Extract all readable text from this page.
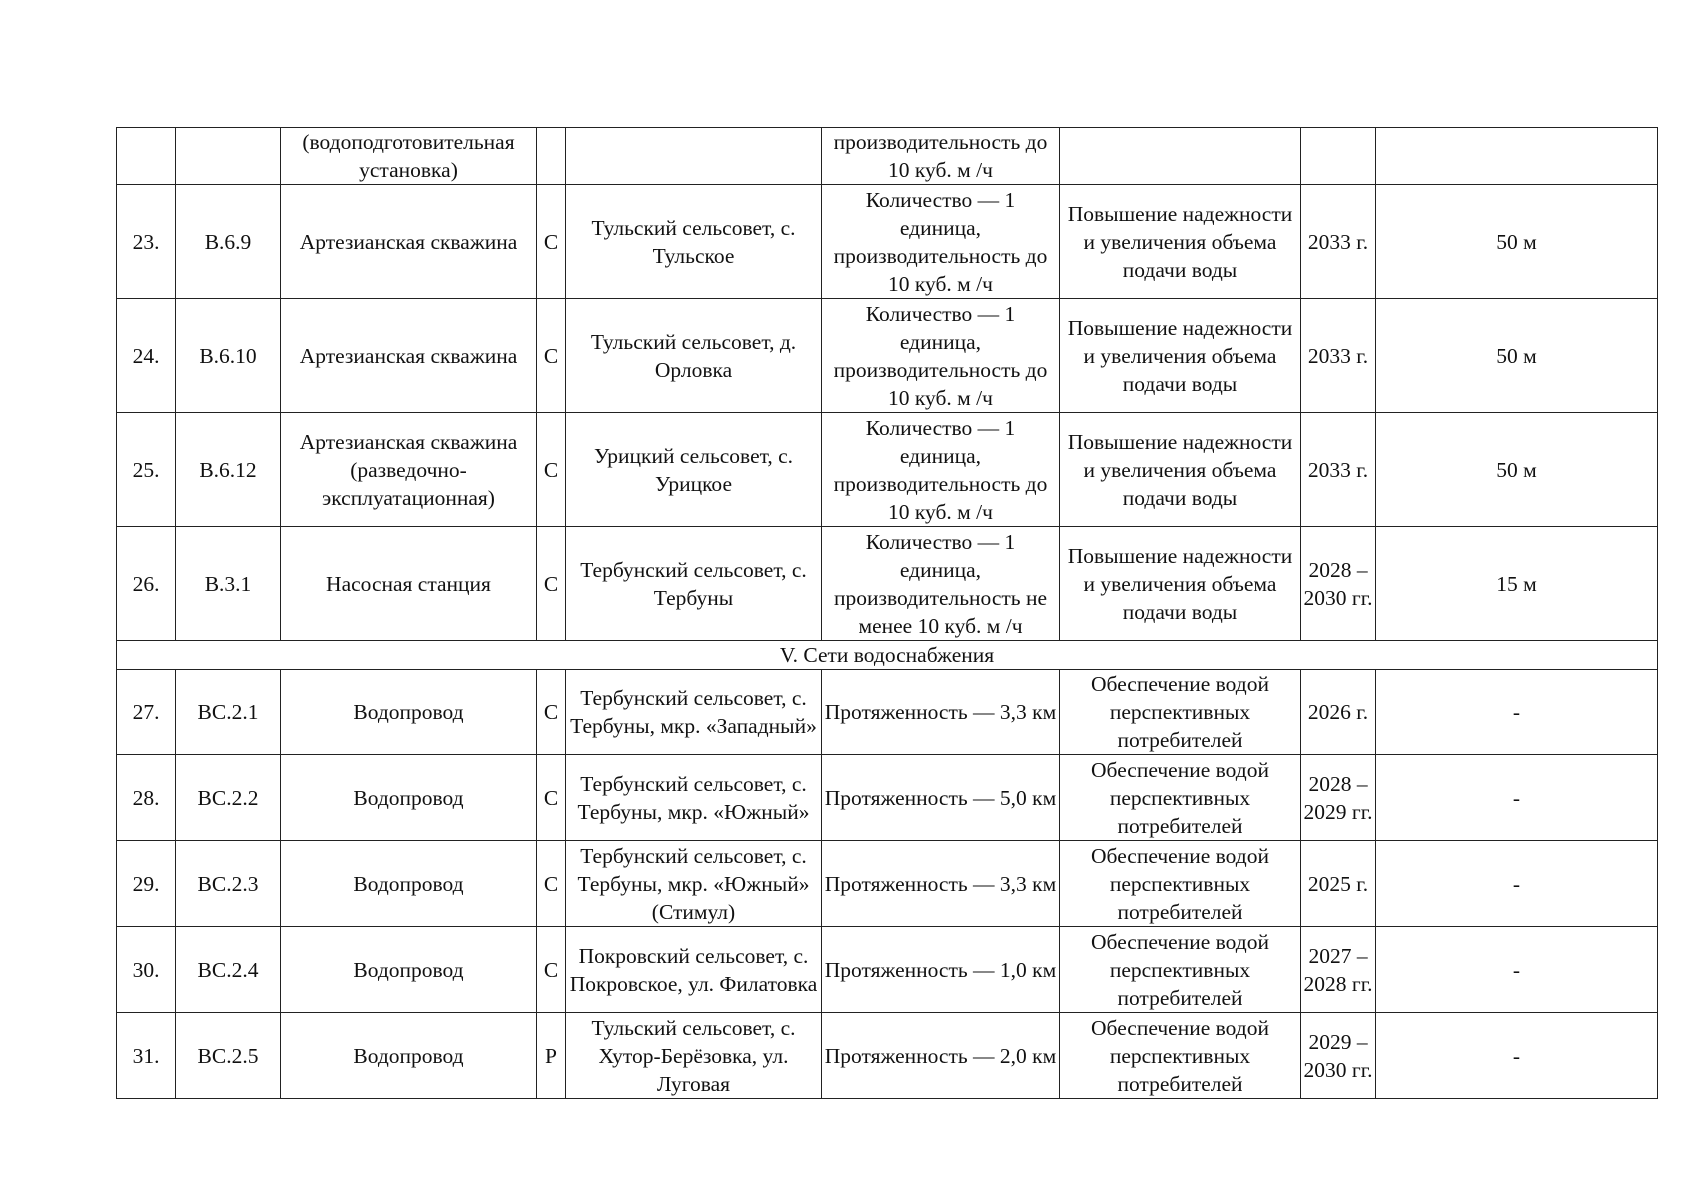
		(водоподготовительная установка)			производительность до 10 куб. м /ч			
23.	В.6.9	Артезианская скважина	С	Тульский сельсовет, с. Тульское	Количество — 1 единица, производительность до 10 куб. м /ч	Повышение надежности и увеличения объема подачи воды	2033 г.	50 м
24.	В.6.10	Артезианская скважина	С	Тульский сельсовет, д. Орловка	Количество — 1 единица, производительность до 10 куб. м /ч	Повышение надежности и увеличения объема подачи воды	2033 г.	50 м
25.	В.6.12	Артезианская скважина (разведочно-эксплуатационная)	С	Урицкий сельсовет, с. Урицкое	Количество — 1 единица, производительность до 10 куб. м /ч	Повышение надежности и увеличения объема подачи воды	2033 г.	50 м
26.	В.3.1	Насосная станция	С	Тербунский сельсовет, с. Тербуны	Количество — 1 единица, производительность не менее 10 куб. м /ч	Повышение надежности и увеличения объема подачи воды	2028 – 2030 гг.	15 м
V. Сети водоснабжения								
27.	ВС.2.1	Водопровод	С	Тербунский сельсовет, с. Тербуны, мкр. «Западный»	Протяженность — 3,3 км	Обеспечение водой перспективных потребителей	2026 г.	-
28.	ВС.2.2	Водопровод	С	Тербунский сельсовет, с. Тербуны, мкр. «Южный»	Протяженность — 5,0 км	Обеспечение водой перспективных потребителей	2028 – 2029 гг.	-
29.	ВС.2.3	Водопровод	С	Тербунский сельсовет, с. Тербуны, мкр. «Южный» (Стимул)	Протяженность — 3,3 км	Обеспечение водой перспективных потребителей	2025 г.	-
30.	ВС.2.4	Водопровод	С	Покровский сельсовет, с. Покровское, ул. Филатовка	Протяженность — 1,0 км	Обеспечение водой перспективных потребителей	2027 – 2028 гг.	-
31.	ВС.2.5	Водопровод	Р	Тульский сельсовет, с. Хутор-Берёзовка, ул. Луговая	Протяженность — 2,0 км	Обеспечение водой перспективных потребителей	2029 – 2030 гг.	-
